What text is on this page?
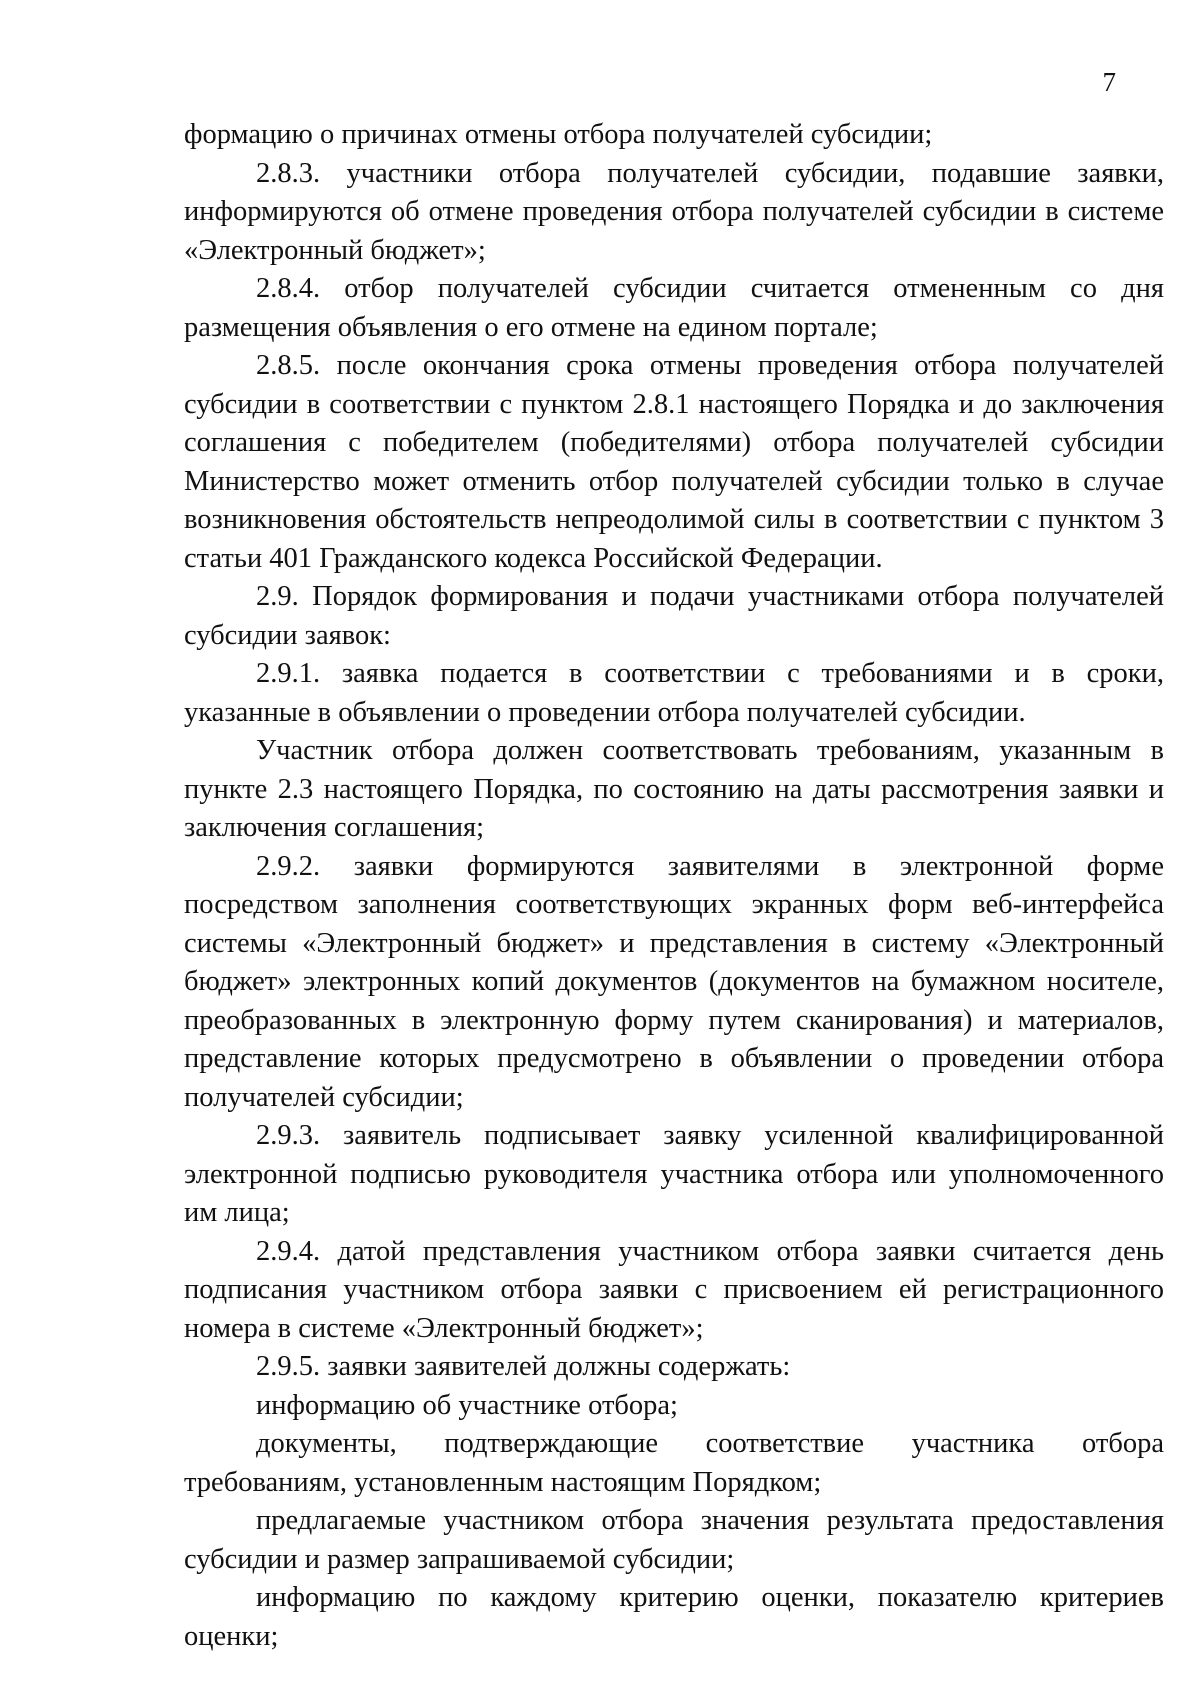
7

формацию о причинах отмены отбора получателей субсидии;

2.8.3. участники отбора получателей субсидии, подавшие заявки, информируются об отмене проведения отбора получателей субсидии в системе «Электронный бюджет»;

2.8.4. отбор получателей субсидии считается отмененным со дня размещения объявления о его отмене на едином портале;

2.8.5. после окончания срока отмены проведения отбора получателей субсидии в соответствии с пунктом 2.8.1 настоящего Порядка и до заключения соглашения с победителем (победителями) отбора получателей субсидии Министерство может отменить отбор получателей субсидии только в случае возникновения обстоятельств непреодолимой силы в соответствии с пунктом 3 статьи 401 Гражданского кодекса Российской Федерации.

2.9. Порядок формирования и подачи участниками отбора получателей субсидии заявок:

2.9.1. заявка подается в соответствии с требованиями и в сроки, указанные в объявлении о проведении отбора получателей субсидии.

Участник отбора должен соответствовать требованиям, указанным в пункте 2.3 настоящего Порядка, по состоянию на даты рассмотрения заявки и заключения соглашения;

2.9.2. заявки формируются заявителями в электронной форме посредством заполнения соответствующих экранных форм веб-интерфейса системы «Электронный бюджет» и представления в систему «Электронный бюджет» электронных копий документов (документов на бумажном носителе, преобразованных в электронную форму путем сканирования) и материалов, представление которых предусмотрено в объявлении о проведении отбора получателей субсидии;

2.9.3. заявитель подписывает заявку усиленной квалифицированной электронной подписью руководителя участника отбора или уполномоченного им лица;

2.9.4. датой представления участником отбора заявки считается день подписания участником отбора заявки с присвоением ей регистрационного номера в системе «Электронный бюджет»;

2.9.5. заявки заявителей должны содержать:

информацию об участнике отбора;

документы, подтверждающие соответствие участника отбора требованиям, установленным настоящим Порядком;

предлагаемые участником отбора значения результата предоставления субсидии и размер запрашиваемой субсидии;

информацию по каждому критерию оценки, показателю критериев оценки;
